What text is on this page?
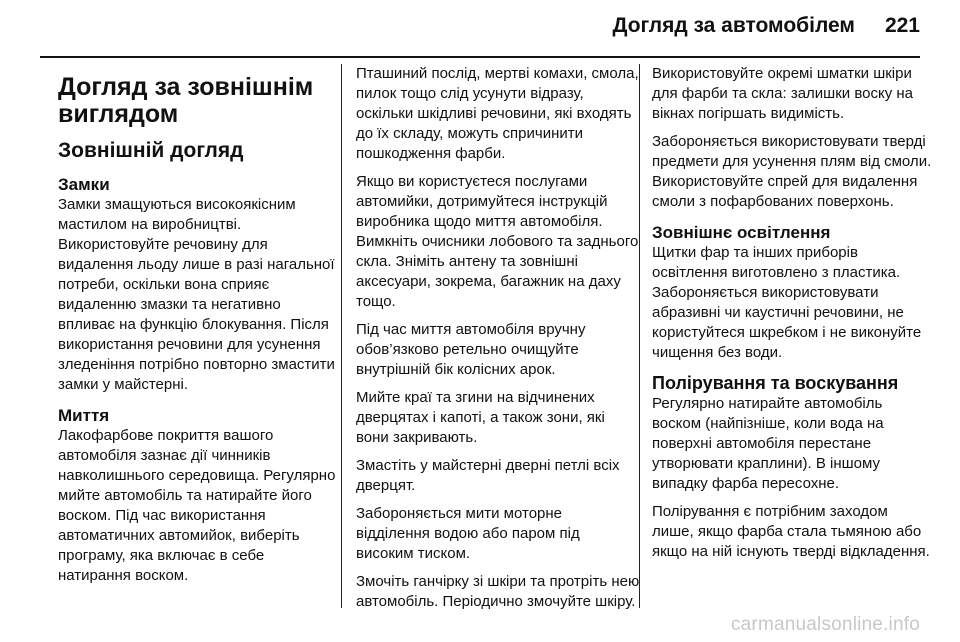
Догляд за автомобілем 221
Догляд за зовнішнім виглядом
Зовнішній догляд
Замки

Замки змащуються високоякісним мастилом на виробництві. Використовуйте речовину для видалення льоду лише в разі нагальної потреби, оскільки вона сприяє видаленню змазки та негативно впливає на функцію блокування. Після використання речовини для усунення зледеніння потрібно повторно змастити замки у майстерні.

Миття

Лакофарбове покриття вашого автомобіля зазнає дії чинників навколишнього середовища. Регулярно мийте автомобіль та натирайте його воском. Під час використання автоматичних автомийок, виберіть програму, яка включає в себе натирання воском.

Пташиний послід, мертві комахи, смола, пилок тощо слід усунути відразу, оскільки шкідливі речовини, які входять до їх складу, можуть спричинити пошкодження фарби.

Якщо ви користуєтеся послугами автомийки, дотримуйтеся інструкцій виробника щодо миття автомобіля. Вимкніть очисники лобового та заднього скла. Зніміть антену та зовнішні аксесуари, зокрема, багажник на даху тощо.

Під час миття автомобіля вручну обов’язково ретельно очищуйте внутрішній бік колісних арок.

Мийте краї та згини на відчинених дверцятах і капоті, а також зони, які вони закривають.

Змастіть у майстерні дверні петлі всіх дверцят.

Забороняється мити моторне відділення водою або паром під високим тиском.

Змочіть ганчірку зі шкіри та протріть нею автомобіль. Періодично змочуйте шкіру.

Використовуйте окремі шматки шкіри для фарби та скла: залишки воску на вікнах погіршать видимість.

Забороняється використовувати тверді предмети для усунення плям від смоли. Використовуйте спрей для видалення смоли з пофарбованих поверхонь.

Зовнішнє освітлення

Щитки фар та інших приборів освітлення виготовлено з пластика. Забороняється використовувати абразивні чи каустичні речовини, не користуйтеся шкребком і не виконуйте чищення без води.

Полірування та воскування

Регулярно натирайте автомобіль воском (найпізніше, коли вода на поверхні автомобіля перестане утворювати краплини). В іншому випадку фарба пересохне.

Полірування є потрібним заходом лише, якщо фарба стала тьмяною або якщо на ній існують тверді відкладення.

carmanualsonline.info
